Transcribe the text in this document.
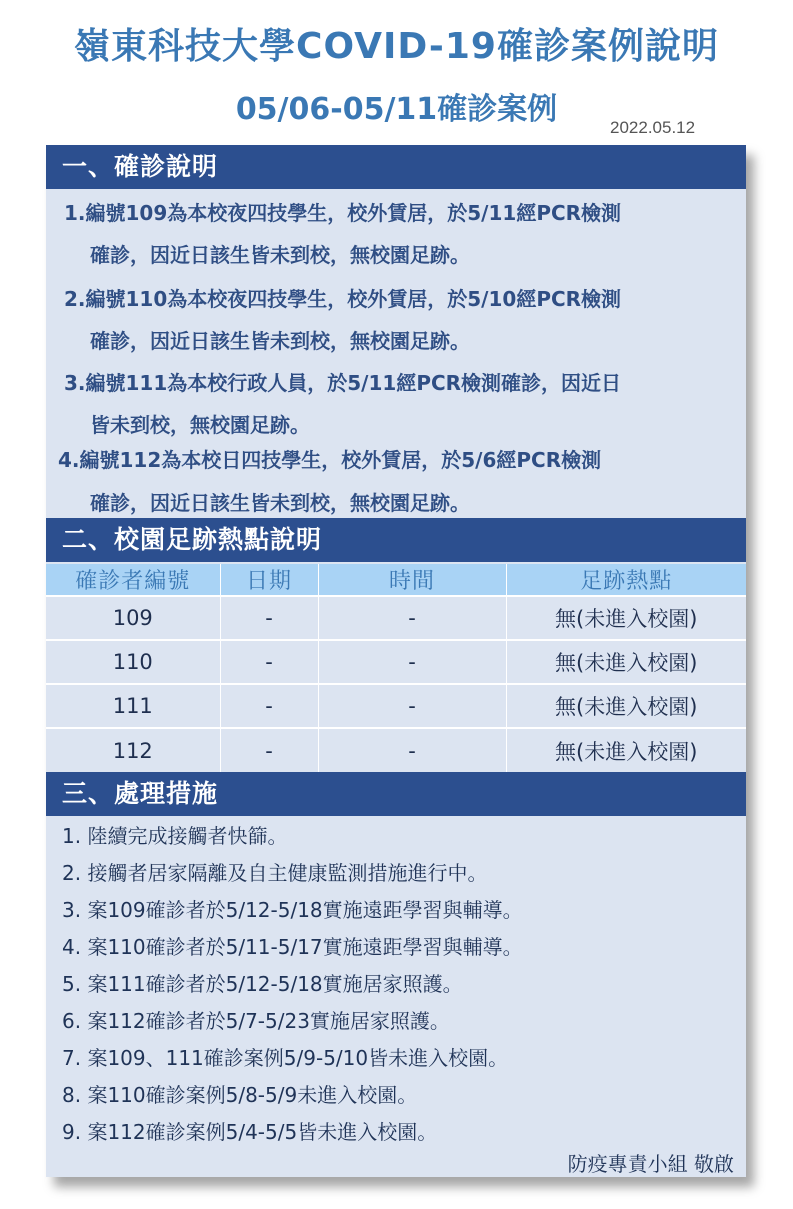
嶺東科技大學COVID-19確診案例說明
05/06-05/11確診案例
2022.05.12
一、確診說明
1.編號109為本校夜四技學生，校外賃居，於5/11經PCR檢測
確診，因近日該生皆未到校，無校園足跡。
2.編號110為本校夜四技學生，校外賃居，於5/10經PCR檢測
確診，因近日該生皆未到校，無校園足跡。
3.編號111為本校行政人員，於5/11經PCR檢測確診，因近日
皆未到校，無校園足跡。
4.編號112為本校日四技學生，校外賃居，於5/6經PCR檢測
確診，因近日該生皆未到校，無校園足跡。
二、校園足跡熱點說明
確診者編號	日期	時間	足跡熱點
109	-	-	無(未進入校園)
110	-	-	無(未進入校園)
111	-	-	無(未進入校園)
112	-	-	無(未進入校園)
三、處理措施
1. 陸續完成接觸者快篩。
2. 接觸者居家隔離及自主健康監測措施進行中。
3. 案109確診者於5/12-5/18實施遠距學習與輔導。
4. 案110確診者於5/11-5/17實施遠距學習與輔導。
5. 案111確診者於5/12-5/18實施居家照護。
6. 案112確診者於5/7-5/23實施居家照護。
7. 案109、111確診案例5/9-5/10皆未進入校園。
8. 案110確診案例5/8-5/9未進入校園。
9. 案112確診案例5/4-5/5皆未進入校園。
防疫專責小組 敬啟
